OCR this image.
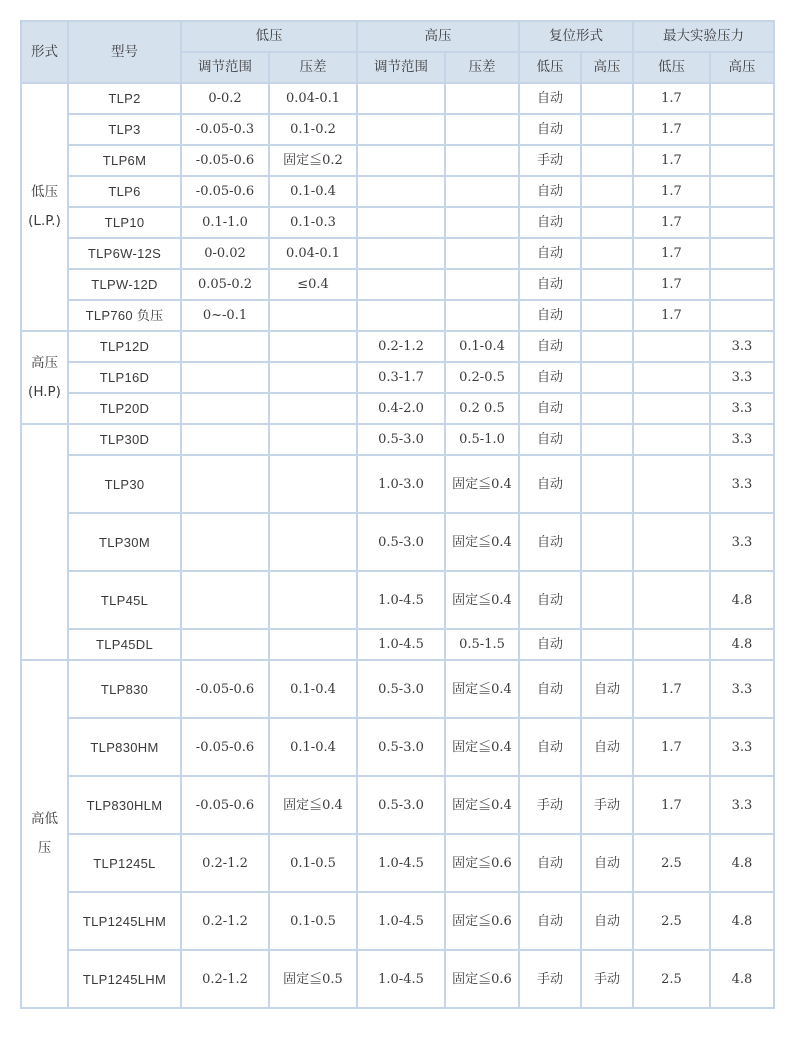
形式	型号	低压		高压		复位形式		最大实验压力	
		调节范围	压差	调节范围	压差	低压	高压	低压	高压
低压(L.P.)	TLP2	0-0.2	0.04-0.1			自动		1.7	
	TLP3	-0.05-0.3	0.1-0.2			自动		1.7	
	TLP6M	-0.05-0.6	固定≦0.2			手动		1.7	
	TLP6	-0.05-0.6	0.1-0.4			自动		1.7	
	TLP10	0.1-1.0	0.1-0.3			自动		1.7	
	TLP6W-12S	0-0.02	0.04-0.1			自动		1.7	
	TLPW-12D	0.05-0.2	≤0.4			自动		1.7	
	TLP760 负压	0~-0.1				自动		1.7	
高压(H.P)	TLP12D			0.2-1.2	0.1-0.4	自动			3.3
	TLP16D			0.3-1.7	0.2-0.5	自动			3.3
	TLP20D			0.4-2.0	0.2 0.5	自动			3.3
	TLP30D			0.5-3.0	0.5-1.0	自动			3.3
	TLP30			1.0-3.0	固定≦0.4	自动			3.3
	TLP30M			0.5-3.0	固定≦0.4	自动			3.3
	TLP45L			1.0-4.5	固定≦0.4	自动			4.8
	TLP45DL			1.0-4.5	0.5-1.5	自动			4.8
高低压	TLP830	-0.05-0.6	0.1-0.4	0.5-3.0	固定≦0.4	自动	自动	1.7	3.3
	TLP830HM	-0.05-0.6	0.1-0.4	0.5-3.0	固定≦0.4	自动	自动	1.7	3.3
	TLP830HLM	-0.05-0.6	固定≦0.4	0.5-3.0	固定≦0.4	手动	手动	1.7	3.3
	TLP1245L	0.2-1.2	0.1-0.5	1.0-4.5	固定≦0.6	自动	自动	2.5	4.8
	TLP1245LHM	0.2-1.2	0.1-0.5	1.0-4.5	固定≦0.6	自动	自动	2.5	4.8
	TLP1245LHM	0.2-1.2	固定≦0.5	1.0-4.5	固定≦0.6	手动	手动	2.5	4.8
